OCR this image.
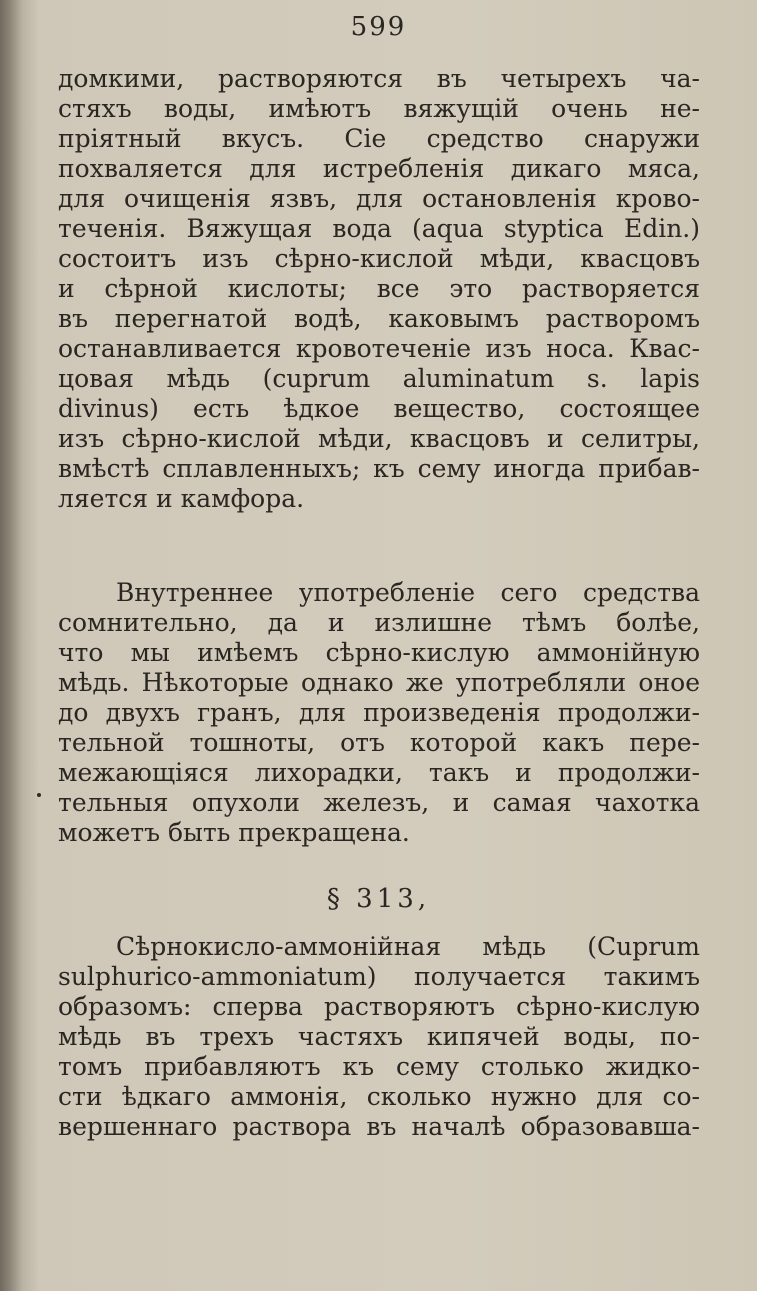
599
домкими, растворяются въ четырехъ ча-
стяхъ воды, имѣютъ вяжущій очень не-
пріятный вкусъ. Сіе средство снаружи
похваляется для истребленія дикаго мяса,
для очищенія язвъ, для остановленія крово-
теченія. Вяжущая вода (aqua styptica Edin.)
состоитъ изъ сѣрно-кислой мѣди, квасцовъ
и сѣрной кислоты; все это растворяется
въ перегнатой водѣ, каковымъ растворомъ
останавливается кровотеченіе изъ носа. Квас-
цовая мѣдь (cuprum aluminatum s. lapis
divinus) есть ѣдкое вещество, состоящее
изъ сѣрно-кислой мѣди, квасцовъ и селитры,
вмѣстѣ сплавленныхъ; къ сему иногда прибав-
ляется и камфора.
Внутреннее употребленіе сего средства
сомнительно, да и излишне тѣмъ болѣе,
что мы имѣемъ сѣрно-кислую аммонійную
мѣдь. Нѣкоторые однако же употребляли оное
до двухъ гранъ, для произведенія продолжи-
тельной тошноты, отъ которой какъ пере-
межающіяся лихорадки, такъ и продолжи-
тельныя опухоли железъ, и самая чахотка
можетъ быть прекращена.
§ 313,
Сѣрнокисло-аммонійная мѣдь (Cuprum
sulphurico-ammoniatum) получается такимъ
образомъ: сперва растворяютъ сѣрно-кислую
мѣдь въ трехъ частяхъ кипячей воды, по-
томъ прибавляютъ къ сему столько жидко-
сти ѣдкаго аммонія, сколько нужно для со-
вершеннаго раствора въ началѣ образовавша-
